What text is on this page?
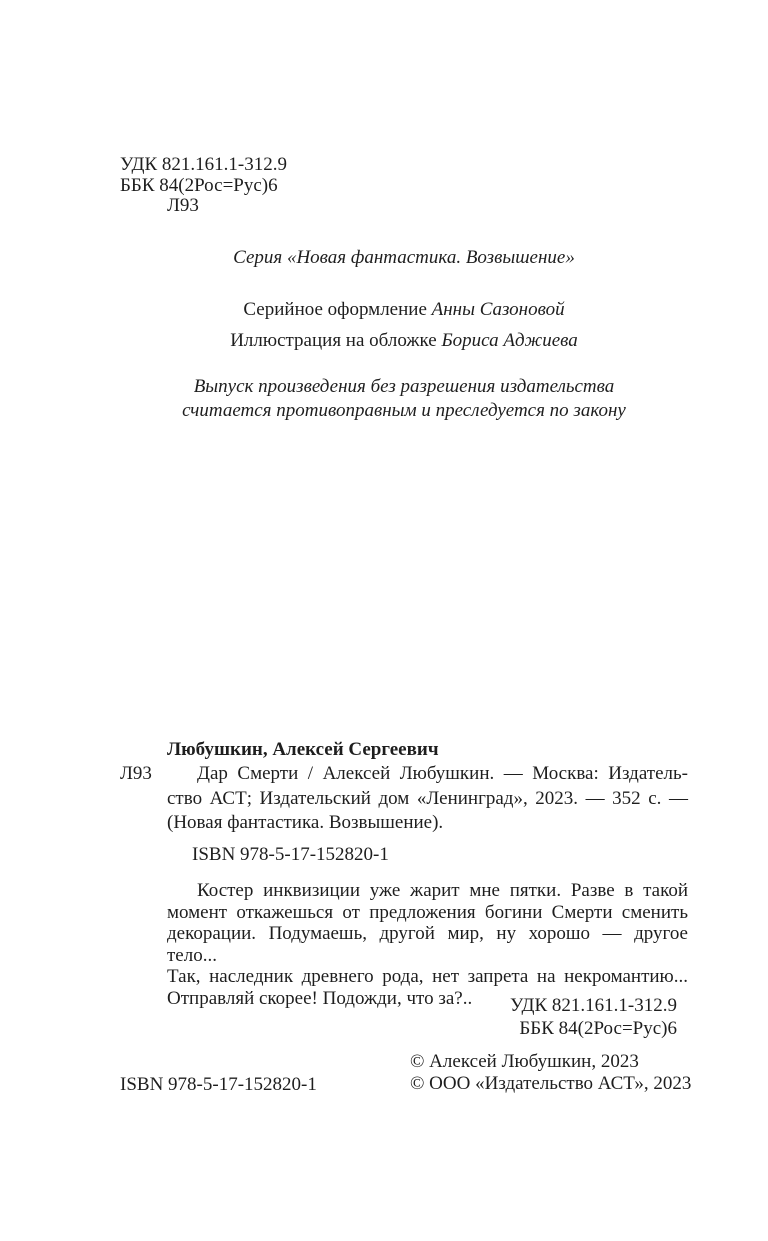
УДК 821.161.1-312.9
ББК 84(2Рос=Рус)6
Л93
Серия «Новая фантастика. Возвышение»
Серийное оформление Анны Сазоновой
Иллюстрация на обложке Бориса Аджиева
Выпуск произведения без разрешения издательства
считается противоправным и преследуется по закону
Любушкин, Алексей Сергеевич
Л93	Дар Смерти / Алексей Любушкин. — Москва: Издатель-
ство АСТ; Издательский дом «Ленинград», 2023. — 352 с. —
(Новая фантастика. Возвышение).
ISBN 978-5-17-152820-1
Костер инквизиции уже жарит мне пятки. Разве в такой
момент откажешься от предложения богини Смерти сменить
декорации. Подумаешь, другой мир, ну хорошо — другое тело...
Так, наследник древнего рода, нет запрета на некромантию...
Отправляй скорее! Подожди, что за?..	УДК 821.161.1-312.9
ББК 84(2Рос=Рус)6
© Алексей Любушкин, 2023
© ООО «Издательство АСТ», 2023
ISBN 978-5-17-152820-1
